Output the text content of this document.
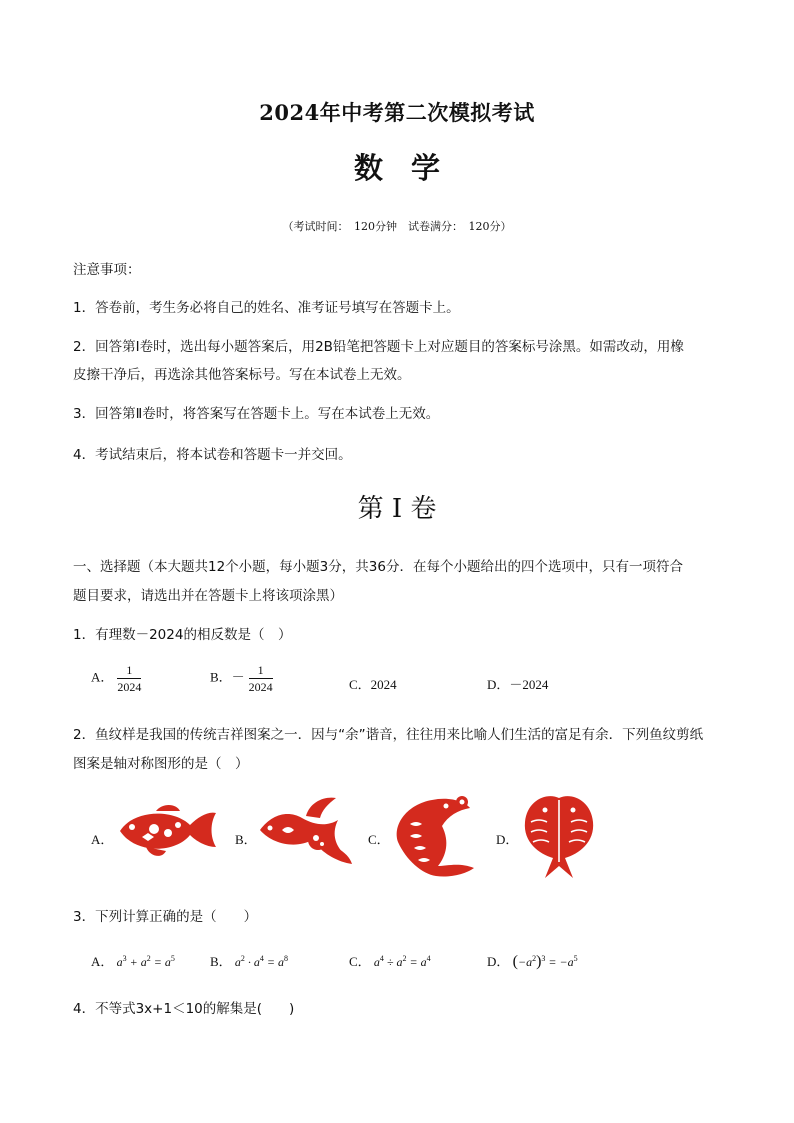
2024年中考第二次模拟考试
数学
（考试时间：　120分钟　试卷满分：　120分）
注意事项：
1．答卷前，考生务必将自己的姓名、准考证号填写在答题卡上。
2．回答第Ⅰ卷时，选出每小题答案后，用2B铅笔把答题卡上对应题目的答案标号涂黑。如需改动，用橡
皮擦干净后，再选涂其他答案标号。写在本试卷上无效。
3．回答第Ⅱ卷时，将答案写在答题卡上。写在本试卷上无效。
4．考试结束后，将本试卷和答题卡一并交回。
第 I 卷
一、选择题（本大题共12个小题，每小题3分，共36分．在每个小题给出的四个选项中，只有一项符合
题目要求，请选出并在答题卡上将该项涂黑）
1．有理数－2024的相反数是（　）
A． $\frac{1}{2024}$	B．－ $\frac{1}{2024}$	C．2024	D．－2024
2．鱼纹样是我国的传统吉祥图案之一．因与“余”谐音，往往用来比喻人们生活的富足有余．下列鱼纹剪纸
图案是轴对称图形的是（　）
A．	B．	C．	D．
3．下列计算正确的是（　　）
A． $a^3 + a^2 = a^5$	B． $a^2 \cdot a^4 = a^8$	C． $a^4 \div a^2 = a^4$	D． $(-a^2)^3 = -a^5$
4．不等式3x+1＜10的解集是(　　)
